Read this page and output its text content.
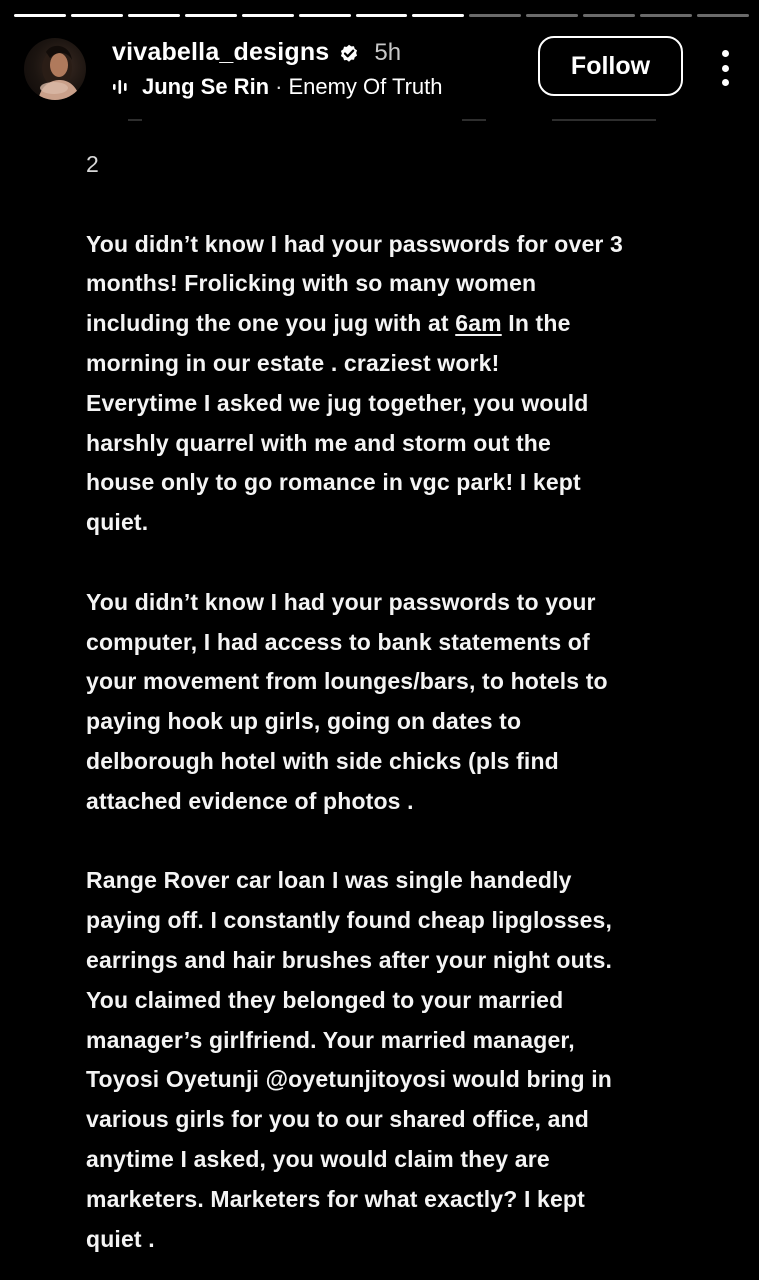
vivabella_designs 5h
Jung Se Rin · Enemy Of Truth
Follow

2

You didn’t know I had your passwords for over 3
months! Frolicking with so many women
including the one you jug with at 6am In the
morning in our estate . craziest work!
Everytime I asked we jug together, you would
harshly quarrel with me and storm out the
house only to go romance in vgc park! I kept
quiet.

You didn’t know I had your passwords to your
computer, I had access to bank statements of
your movement from lounges/bars, to hotels to
paying hook up girls, going on dates to
delborough hotel with side chicks (pls find
attached evidence of photos .

Range Rover car loan I was single handedly
paying off. I constantly found cheap lipglosses,
earrings and hair brushes after your night outs.
You claimed they belonged to your married
manager’s girlfriend. Your married manager,
Toyosi Oyetunji @oyetunjitoyosi would bring in
various girls for you to our shared office, and
anytime I asked, you would claim they are
marketers. Marketers for what exactly? I kept
quiet .
